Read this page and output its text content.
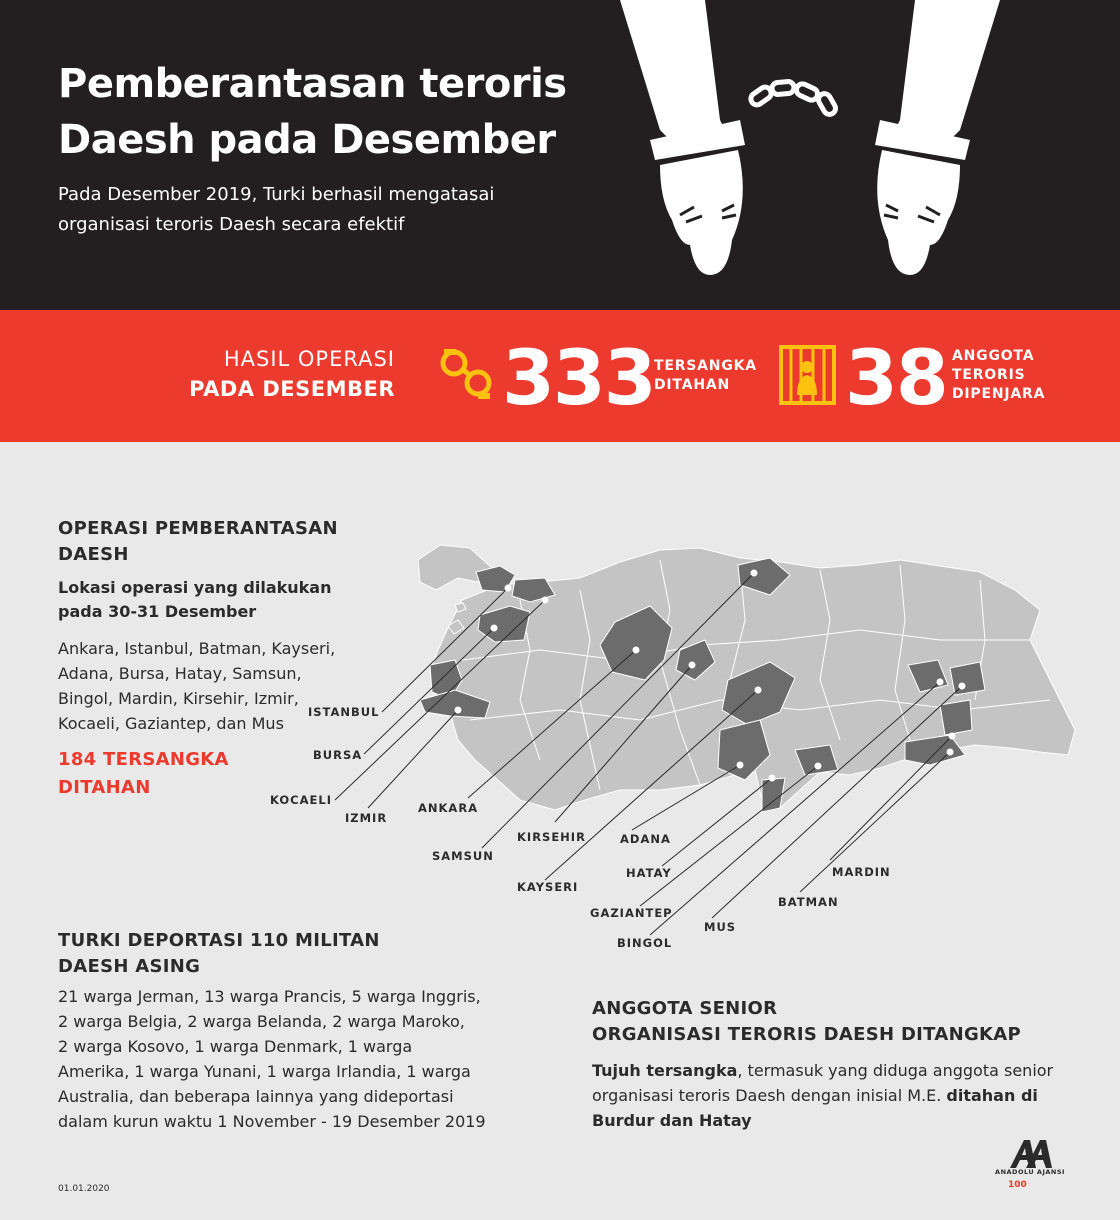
Pemberantasan teroris
Daesh pada Desember
Pada Desember 2019, Turki berhasil mengatasai
organisasi teroris Daesh secara efektif
HASIL OPERASI
PADA DESEMBER 333 TERSANGKA
DITAHAN	38 ANGGOTA
TERORIS
DIPENJARA
ISTANBUL
BURSA
KOCAELI
IZMIR
ANKARA
SAMSUN
KIRSEHIR
KAYSERI
ADANA
HATAY
GAZIANTEP
BINGOL
MUS
BATMAN
MARDIN
OPERASI PEMBERANTASAN
DAESH
Lokasi operasi yang dilakukan
pada 30-31 Desember
Ankara, Istanbul, Batman, Kayseri,
Adana, Bursa, Hatay, Samsun,
Bingol, Mardin, Kirsehir, Izmir,
Kocaeli, Gaziantep, dan Mus
184 TERSANGKA
DITAHAN
TURKI DEPORTASI 110 MILITAN
DAESH ASING
21 warga Jerman, 13 warga Prancis, 5 warga Inggris,
2 warga Belgia, 2 warga Belanda, 2 warga Maroko,
2 warga Kosovo, 1 warga Denmark, 1 warga
Amerika, 1 warga Yunani, 1 warga Irlandia, 1 warga
Australia, dan beberapa lainnya yang dideportasi
dalam kurun waktu 1 November - 19 Desember 2019
ANGGOTA SENIOR
ORGANISASI TERORIS DAESH DITANGKAP
Tujuh tersangka, termasuk yang diduga anggota senior
organisasi teroris Daesh dengan inisial M.E. ditahan di
Burdur dan Hatay
01.01.2020
ANADOLU AJANSI
100
